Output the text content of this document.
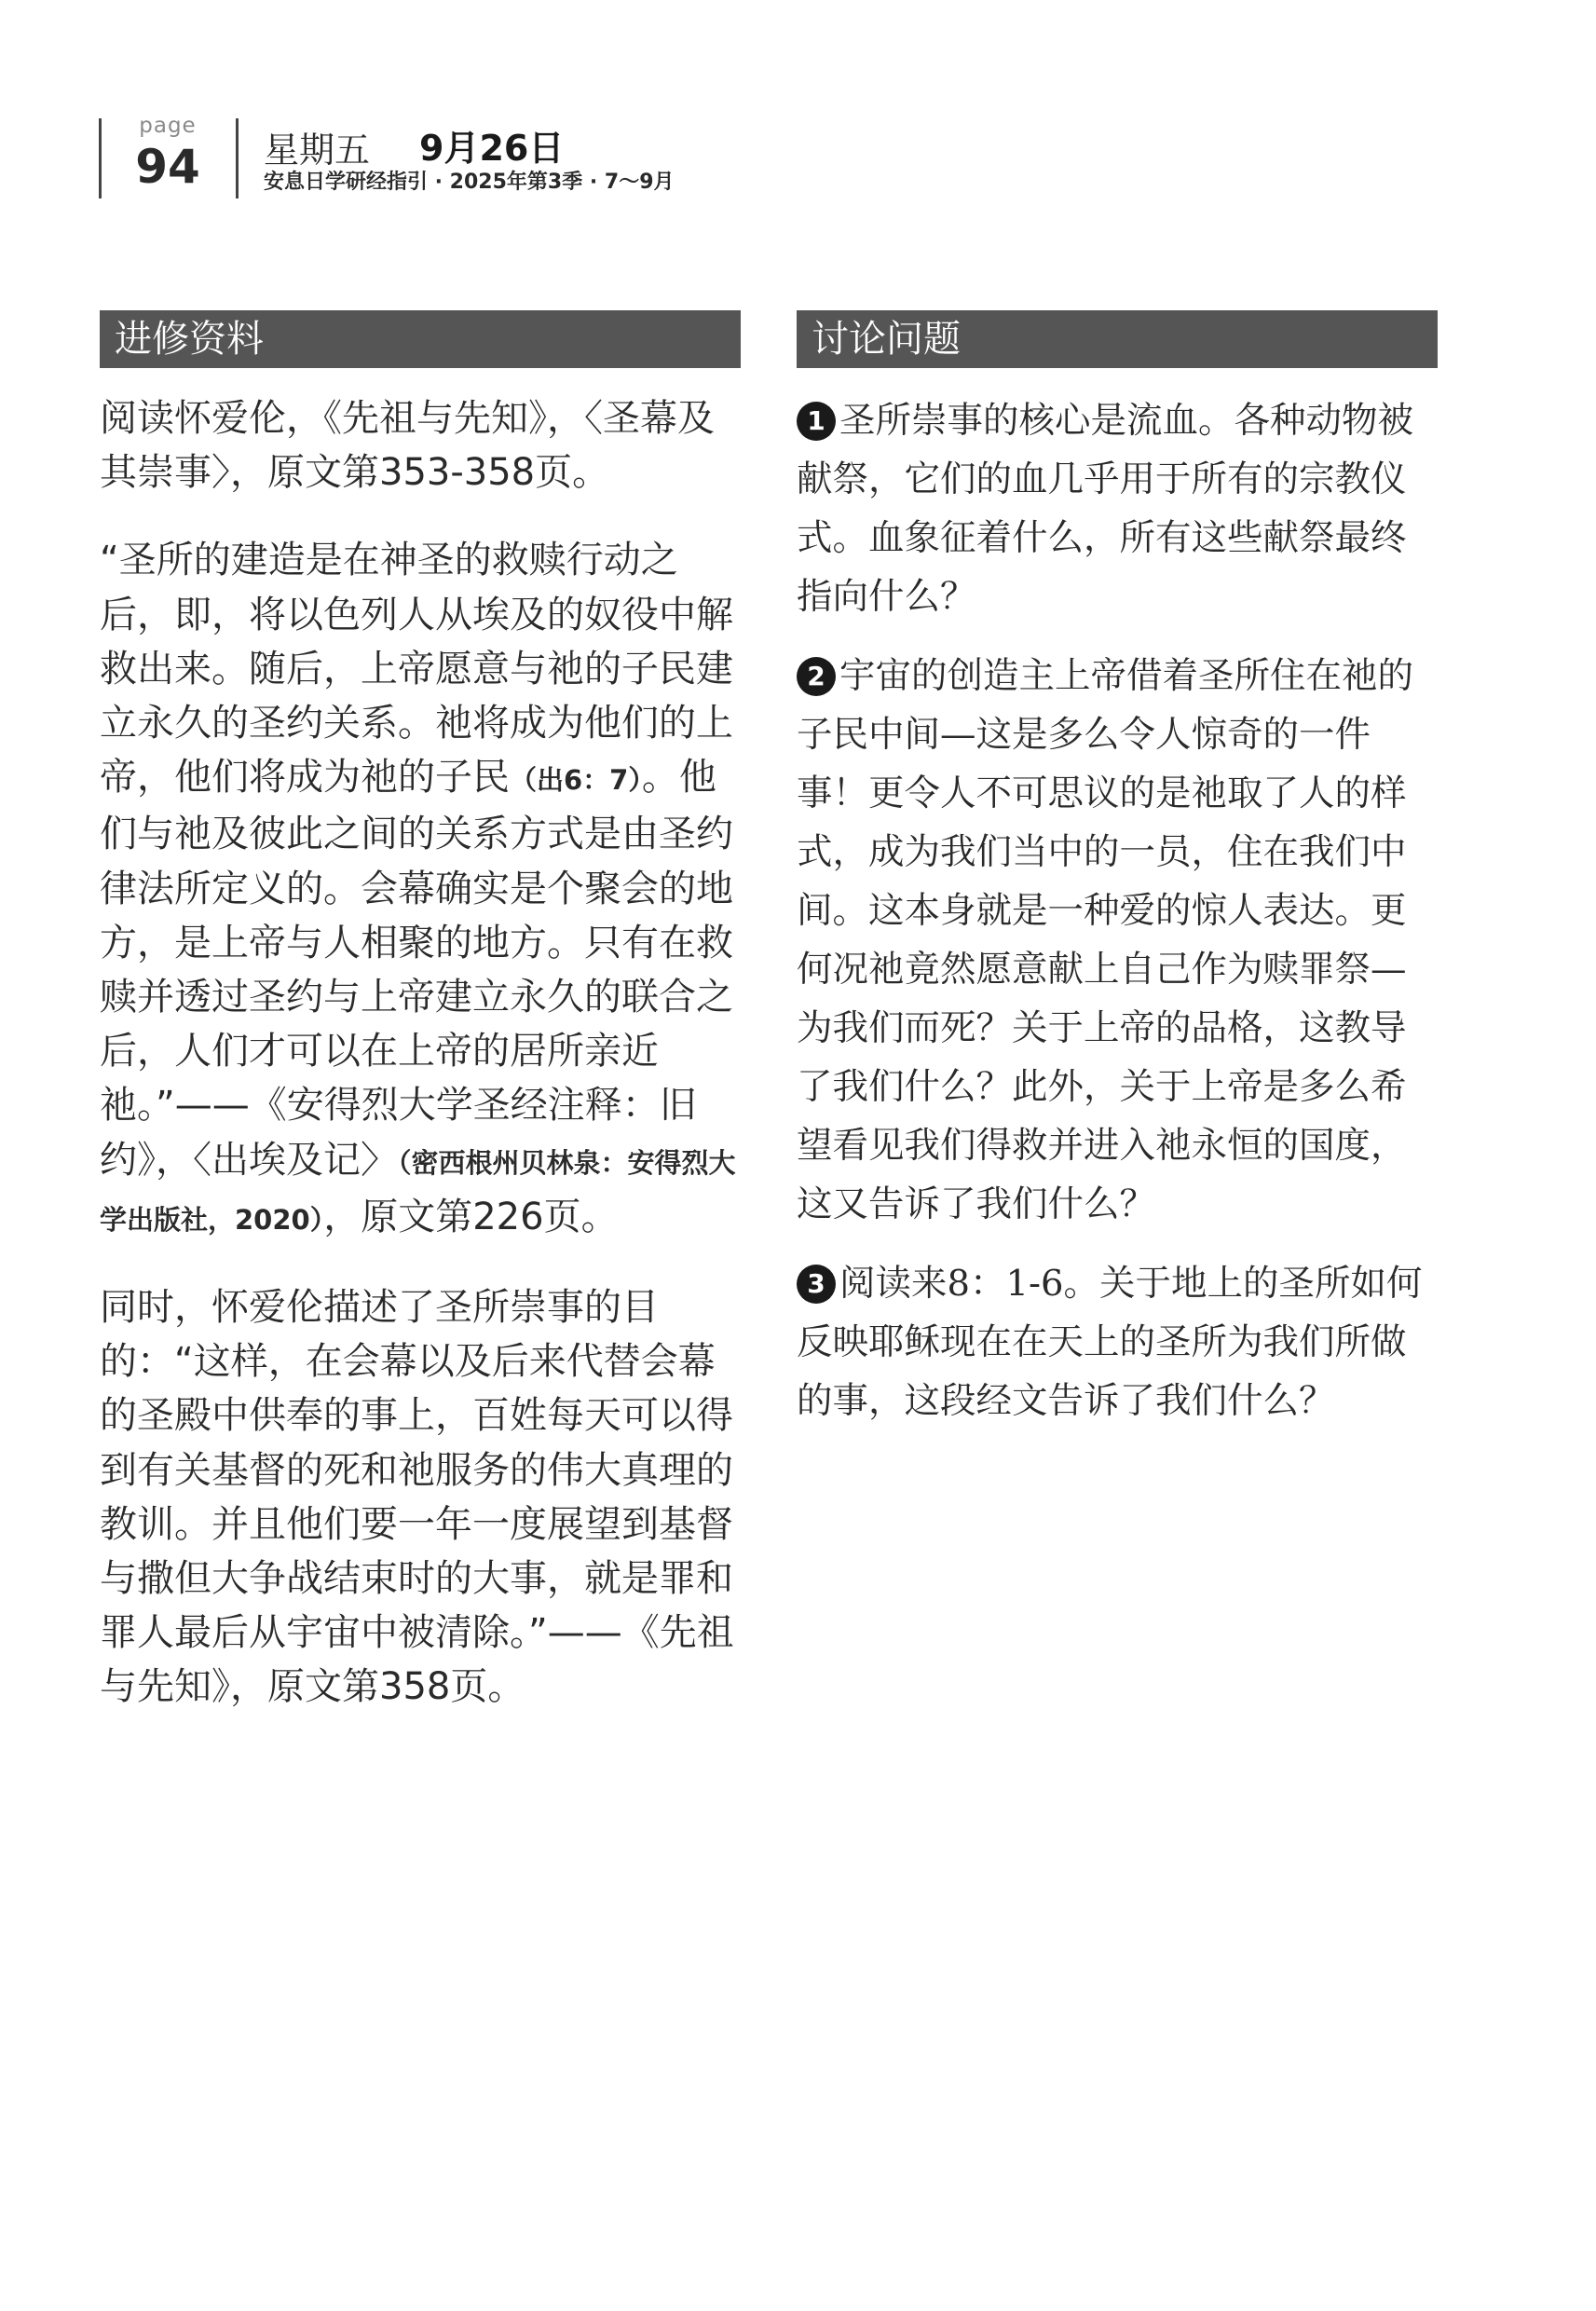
page
94 星期五 9月26日
安息日学研经指引 · 2025年第3季 · 7～9月
进修资料	讨论问题

阅读怀爱伦，《先祖与先知》，〈圣幕及其崇事〉，原文第353-358页。

“圣所的建造是在神圣的救赎行动之后，即，将以色列人从埃及的奴役中解救出来。随后，上帝愿意与祂的子民建立永久的圣约关系。祂将成为他们的上帝，他们将成为祂的子民（出6：7）。他们与祂及彼此之间的关系方式是由圣约律法所定义的。会幕确实是个聚会的地方，是上帝与人相聚的地方。只有在救赎并透过圣约与上帝建立永久的联合之后，人们才可以在上帝的居所亲近祂。”——《安得烈大学圣经注释：旧约》，〈出埃及记〉（密西根州贝林泉：安得烈大学出版社，2020），原文第226页。

同时，怀爱伦描述了圣所崇事的目的：“这样，在会幕以及后来代替会幕的圣殿中供奉的事上，百姓每天可以得到有关基督的死和祂服务的伟大真理的教训。并且他们要一年一度展望到基督与撒但大争战结束时的大事，就是罪和罪人最后从宇宙中被清除。”——《先祖与先知》，原文第358页。

1 圣所崇事的核心是流血。各种动物被献祭，它们的血几乎用于所有的宗教仪式。血象征着什么，所有这些献祭最终指向什么？

2 宇宙的创造主上帝借着圣所住在祂的子民中间—这是多么令人惊奇的一件事！更令人不可思议的是祂取了人的样式，成为我们当中的一员，住在我们中间。这本身就是一种爱的惊人表达。更何况祂竟然愿意献上自己作为赎罪祭—为我们而死？关于上帝的品格，这教导了我们什么？此外，关于上帝是多么希望看见我们得救并进入祂永恒的国度，这又告诉了我们什么？

3 阅读来8：1-6。关于地上的圣所如何反映耶稣现在在天上的圣所为我们所做的事，这段经文告诉了我们什么？
